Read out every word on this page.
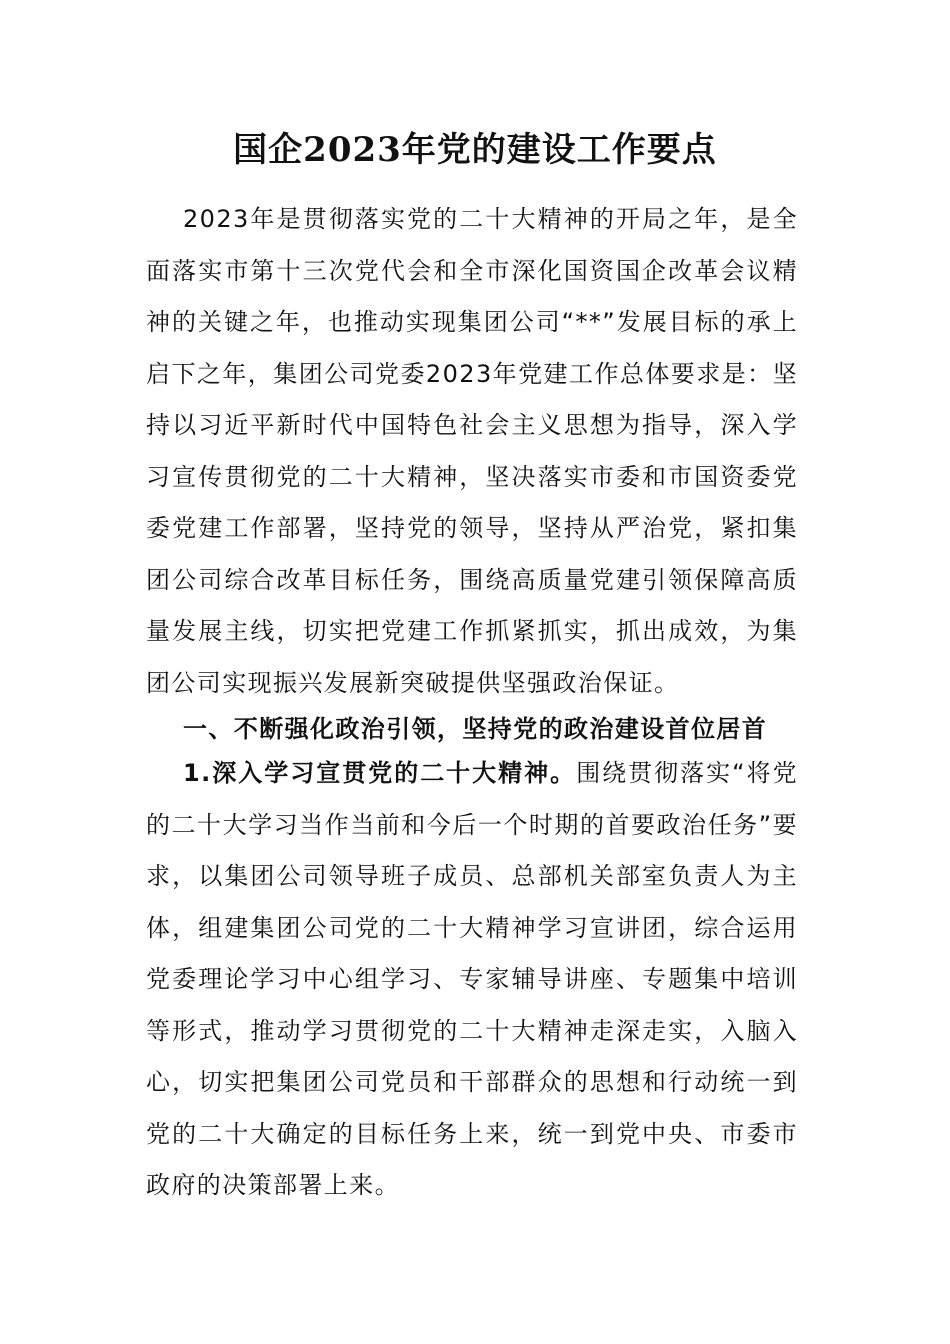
国企2023年党的建设工作要点

2023年是贯彻落实党的二十大精神的开局之年，是全面落实市第十三次党代会和全市深化国资国企改革会议精神的关键之年，也推动实现集团公司“**”发展目标的承上启下之年，集团公司党委2023年党建工作总体要求是：坚持以习近平新时代中国特色社会主义思想为指导，深入学习宣传贯彻党的二十大精神，坚决落实市委和市国资委党委党建工作部署，坚持党的领导，坚持从严治党，紧扣集团公司综合改革目标任务，围绕高质量党建引领保障高质量发展主线，切实把党建工作抓紧抓实，抓出成效，为集团公司实现振兴发展新突破提供坚强政治保证。

一、不断强化政治引领，坚持党的政治建设首位居首

1.深入学习宣贯党的二十大精神。围绕贯彻落实“将党的二十大学习当作当前和今后一个时期的首要政治任务”要求，以集团公司领导班子成员、总部机关部室负责人为主体，组建集团公司党的二十大精神学习宣讲团，综合运用党委理论学习中心组学习、专家辅导讲座、专题集中培训等形式，推动学习贯彻党的二十大精神走深走实，入脑入心，切实把集团公司党员和干部群众的思想和行动统一到党的二十大确定的目标任务上来，统一到党中央、市委市政府的决策部署上来。
